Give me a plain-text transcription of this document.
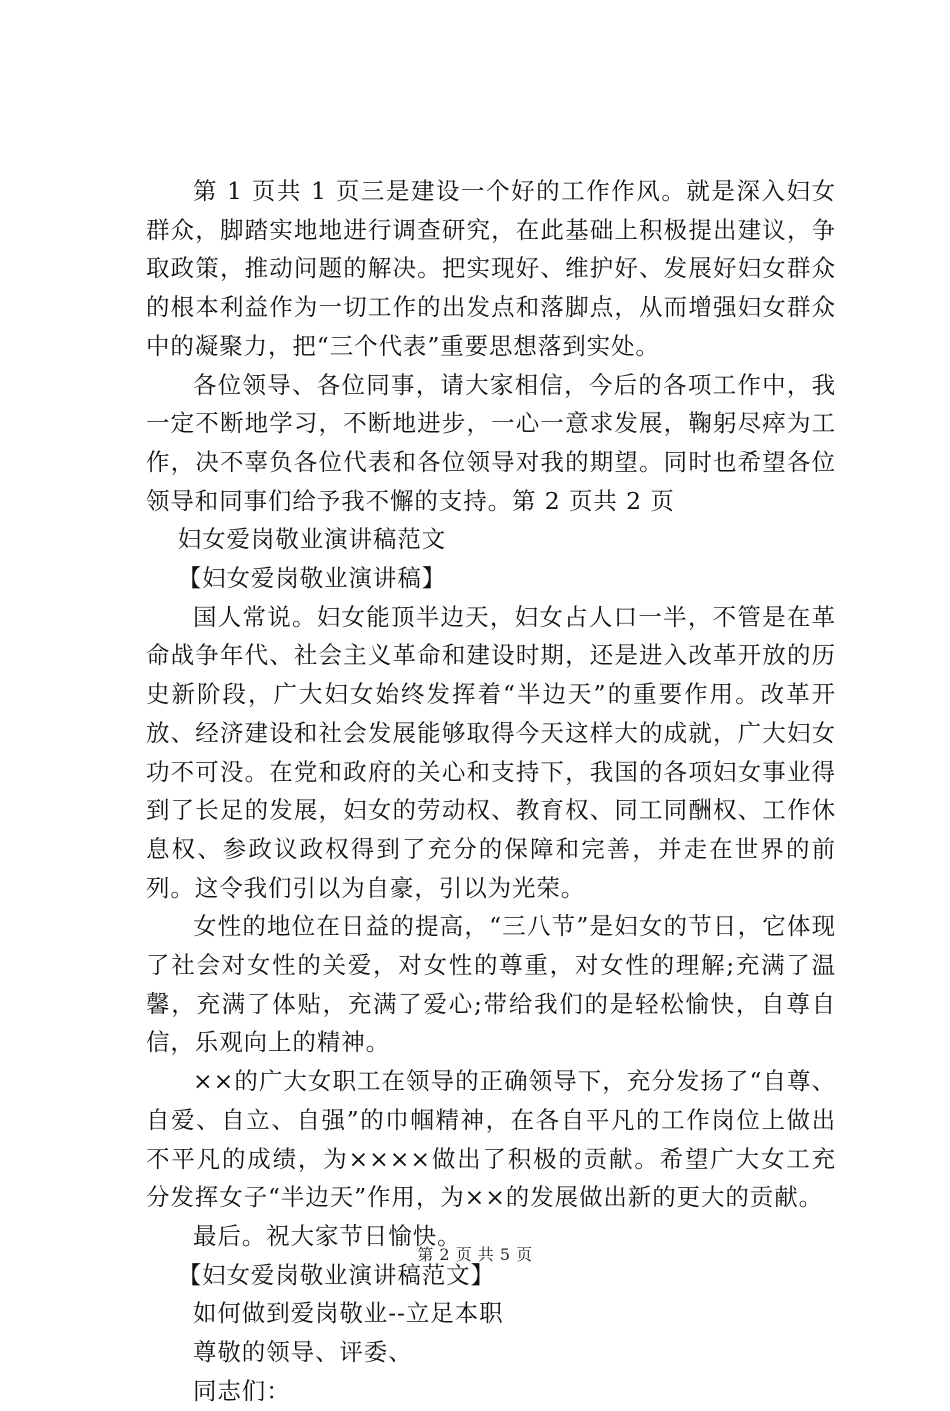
第 1 页共 1 页三是建设一个好的工作作风。就是深入妇女群众，脚踏实地地进行调查研究，在此基础上积极提出建议，争取政策，推动问题的解决。把实现好、维护好、发展好妇女群众的根本利益作为一切工作的出发点和落脚点，从而增强妇女群众中的凝聚力，把“三个代表”重要思想落到实处。

各位领导、各位同事，请大家相信，今后的各项工作中，我一定不断地学习，不断地进步，一心一意求发展，鞠躬尽瘁为工作，决不辜负各位代表和各位领导对我的期望。同时也希望各位领导和同事们给予我不懈的支持。第 2 页共 2 页

妇女爱岗敬业演讲稿范文

【妇女爱岗敬业演讲稿】

国人常说。妇女能顶半边天，妇女占人口一半，不管是在革命战争年代、社会主义革命和建设时期，还是进入改革开放的历史新阶段，广大妇女始终发挥着“半边天”的重要作用。改革开放、经济建设和社会发展能够取得今天这样大的成就，广大妇女功不可没。在党和政府的关心和支持下，我国的各项妇女事业得到了长足的发展，妇女的劳动权、教育权、同工同酬权、工作休息权、参政议政权得到了充分的保障和完善，并走在世界的前列。这令我们引以为自豪，引以为光荣。

女性的地位在日益的提高，“三八节”是妇女的节日，它体现了社会对女性的关爱，对女性的尊重，对女性的理解;充满了温馨，充满了体贴，充满了爱心;带给我们的是轻松愉快，自尊自信，乐观向上的精神。

××的广大女职工在领导的正确领导下，充分发扬了“自尊、自爱、自立、自强”的巾帼精神，在各自平凡的工作岗位上做出不平凡的成绩，为××××做出了积极的贡献。希望广大女工充分发挥女子“半边天”作用，为××的发展做出新的更大的贡献。

最后。祝大家节日愉快。

【妇女爱岗敬业演讲稿范文】

如何做到爱岗敬业--立足本职

尊敬的领导、评委、

同志们：

第 2 页 共 5 页
